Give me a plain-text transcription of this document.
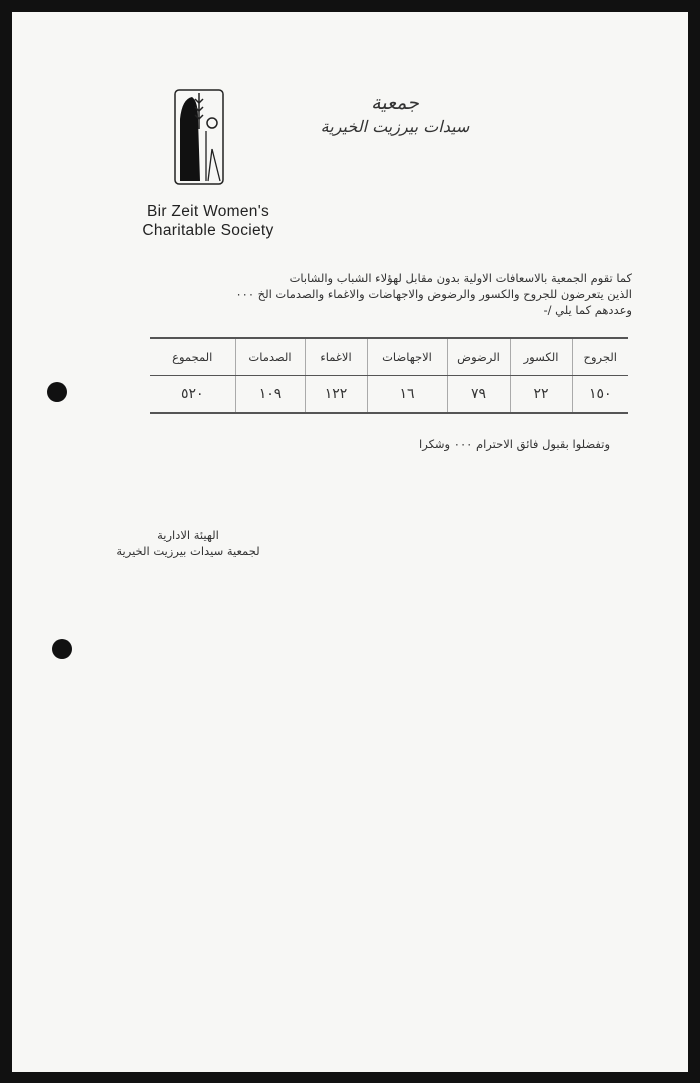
Bir Zeit Women's
Charitable Society
جمعية
سيدات بيرزيت الخيرية
كما تقوم الجمعية بالاسعافات الاولية بدون مقابل لهؤلاء الشباب والشابات
الذين يتعرضون للجروح والكسور والرضوض والاجهاضات والاغماء والصدمات الخ ٠٠٠
وعددهم كما يلي /-
الجروح	الكسور	الرضوض	الاجهاضات	الاغماء	الصدمات	المجموع
١٥٠	٢٢	٧٩	١٦	١٢٢	١٠٩	٥٢٠
وتفضلوا بقبول فائق الاحترام ٠٠٠ وشكرا
الهيئة الادارية
لجمعية سيدات بيرزيت الخيرية
